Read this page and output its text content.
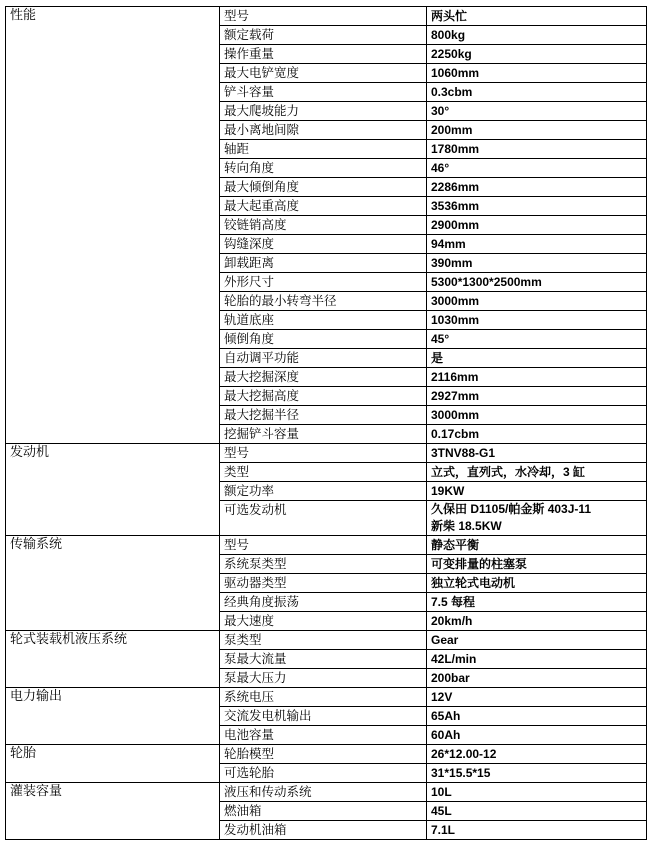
性能	型号	两头忙
	额定载荷	800kg
	操作重量	2250kg
	最大电铲宽度	1060mm
	铲斗容量	0.3cbm
	最大爬坡能力	30°
	最小离地间隙	200mm
	轴距	1780mm
	转向角度	46°
	最大倾倒角度	2286mm
	最大起重高度	3536mm
	铰链销高度	2900mm
	钩缝深度	94mm
	卸载距离	390mm
	外形尺寸	5300*1300*2500mm
	轮胎的最小转弯半径	3000mm
	轨道底座	1030mm
	倾倒角度	45°
	自动调平功能	是
	最大挖掘深度	2116mm
	最大挖掘高度	2927mm
	最大挖掘半径	3000mm
	挖掘铲斗容量	0.17cbm
发动机	型号	3TNV88-G1
	类型	立式，直列式，水冷却，3 缸
	额定功率	19KW
	可选发动机	久保田 D1105/帕金斯 403J-11
新柴 18.5KW
传输系统	型号	静态平衡
	系统泵类型	可变排量的柱塞泵
	驱动器类型	独立轮式电动机
	经典角度振荡	7.5 每程
	最大速度	20km/h
轮式装载机液压系统	泵类型	Gear
	泵最大流量	42L/min
	泵最大压力	200bar
电力输出	系统电压	12V
	交流发电机输出	65Ah
	电池容量	60Ah
轮胎	轮胎模型	26*12.00-12
	可选轮胎	31*15.5*15
灌装容量	液压和传动系统	10L
	燃油箱	45L
	发动机油箱	7.1L
